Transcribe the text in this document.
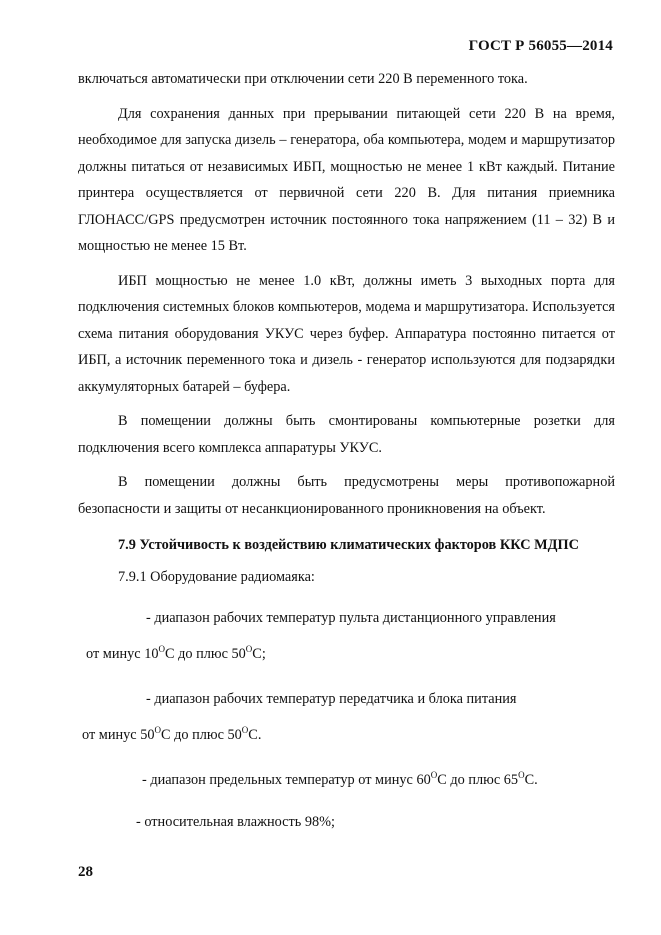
ГОСТ Р 56055—2014

включаться автоматически при отключении сети 220 В переменного тока.

Для сохранения данных при прерывании питающей сети 220 В на время, необходимое для запуска дизель – генератора, оба компьютера, модем и маршрутизатор должны питаться от независимых ИБП, мощностью не менее 1 кВт каждый. Питание принтера осуществляется от первичной сети 220 В. Для питания приемника ГЛОНАСС/GPS предусмотрен источник постоянного тока напряжением (11 – 32) В и мощностью не менее 15 Вт.

ИБП мощностью не менее 1.0 кВт, должны иметь 3 выходных порта для подключения системных блоков компьютеров, модема и маршрутизатора. Используется схема питания оборудования УКУС через буфер. Аппаратура постоянно питается от ИБП, а источник переменного тока и дизель - генератор используются для подзарядки аккумуляторных батарей – буфера.

В помещении должны быть смонтированы компьютерные розетки для подключения всего комплекса аппаратуры УКУС.

В помещении должны быть предусмотрены меры противопожарной безопасности и защиты от несанкционированного проникновения на объект.

7.9 Устойчивость к воздействию климатических факторов ККС МДПС
7.9.1 Оборудование радиомаяка:
- диапазон рабочих температур пульта дистанционного управления
от минус $10^ОС$ до плюс $50^ОС$;
- диапазон рабочих температур передатчика и блока питания
от минус $50^ОС$ до плюс $50^ОС$.
- диапазон предельных температур от минус $60^ОС$ до плюс $65^ОС$.
- относительная влажность 98%;
28
